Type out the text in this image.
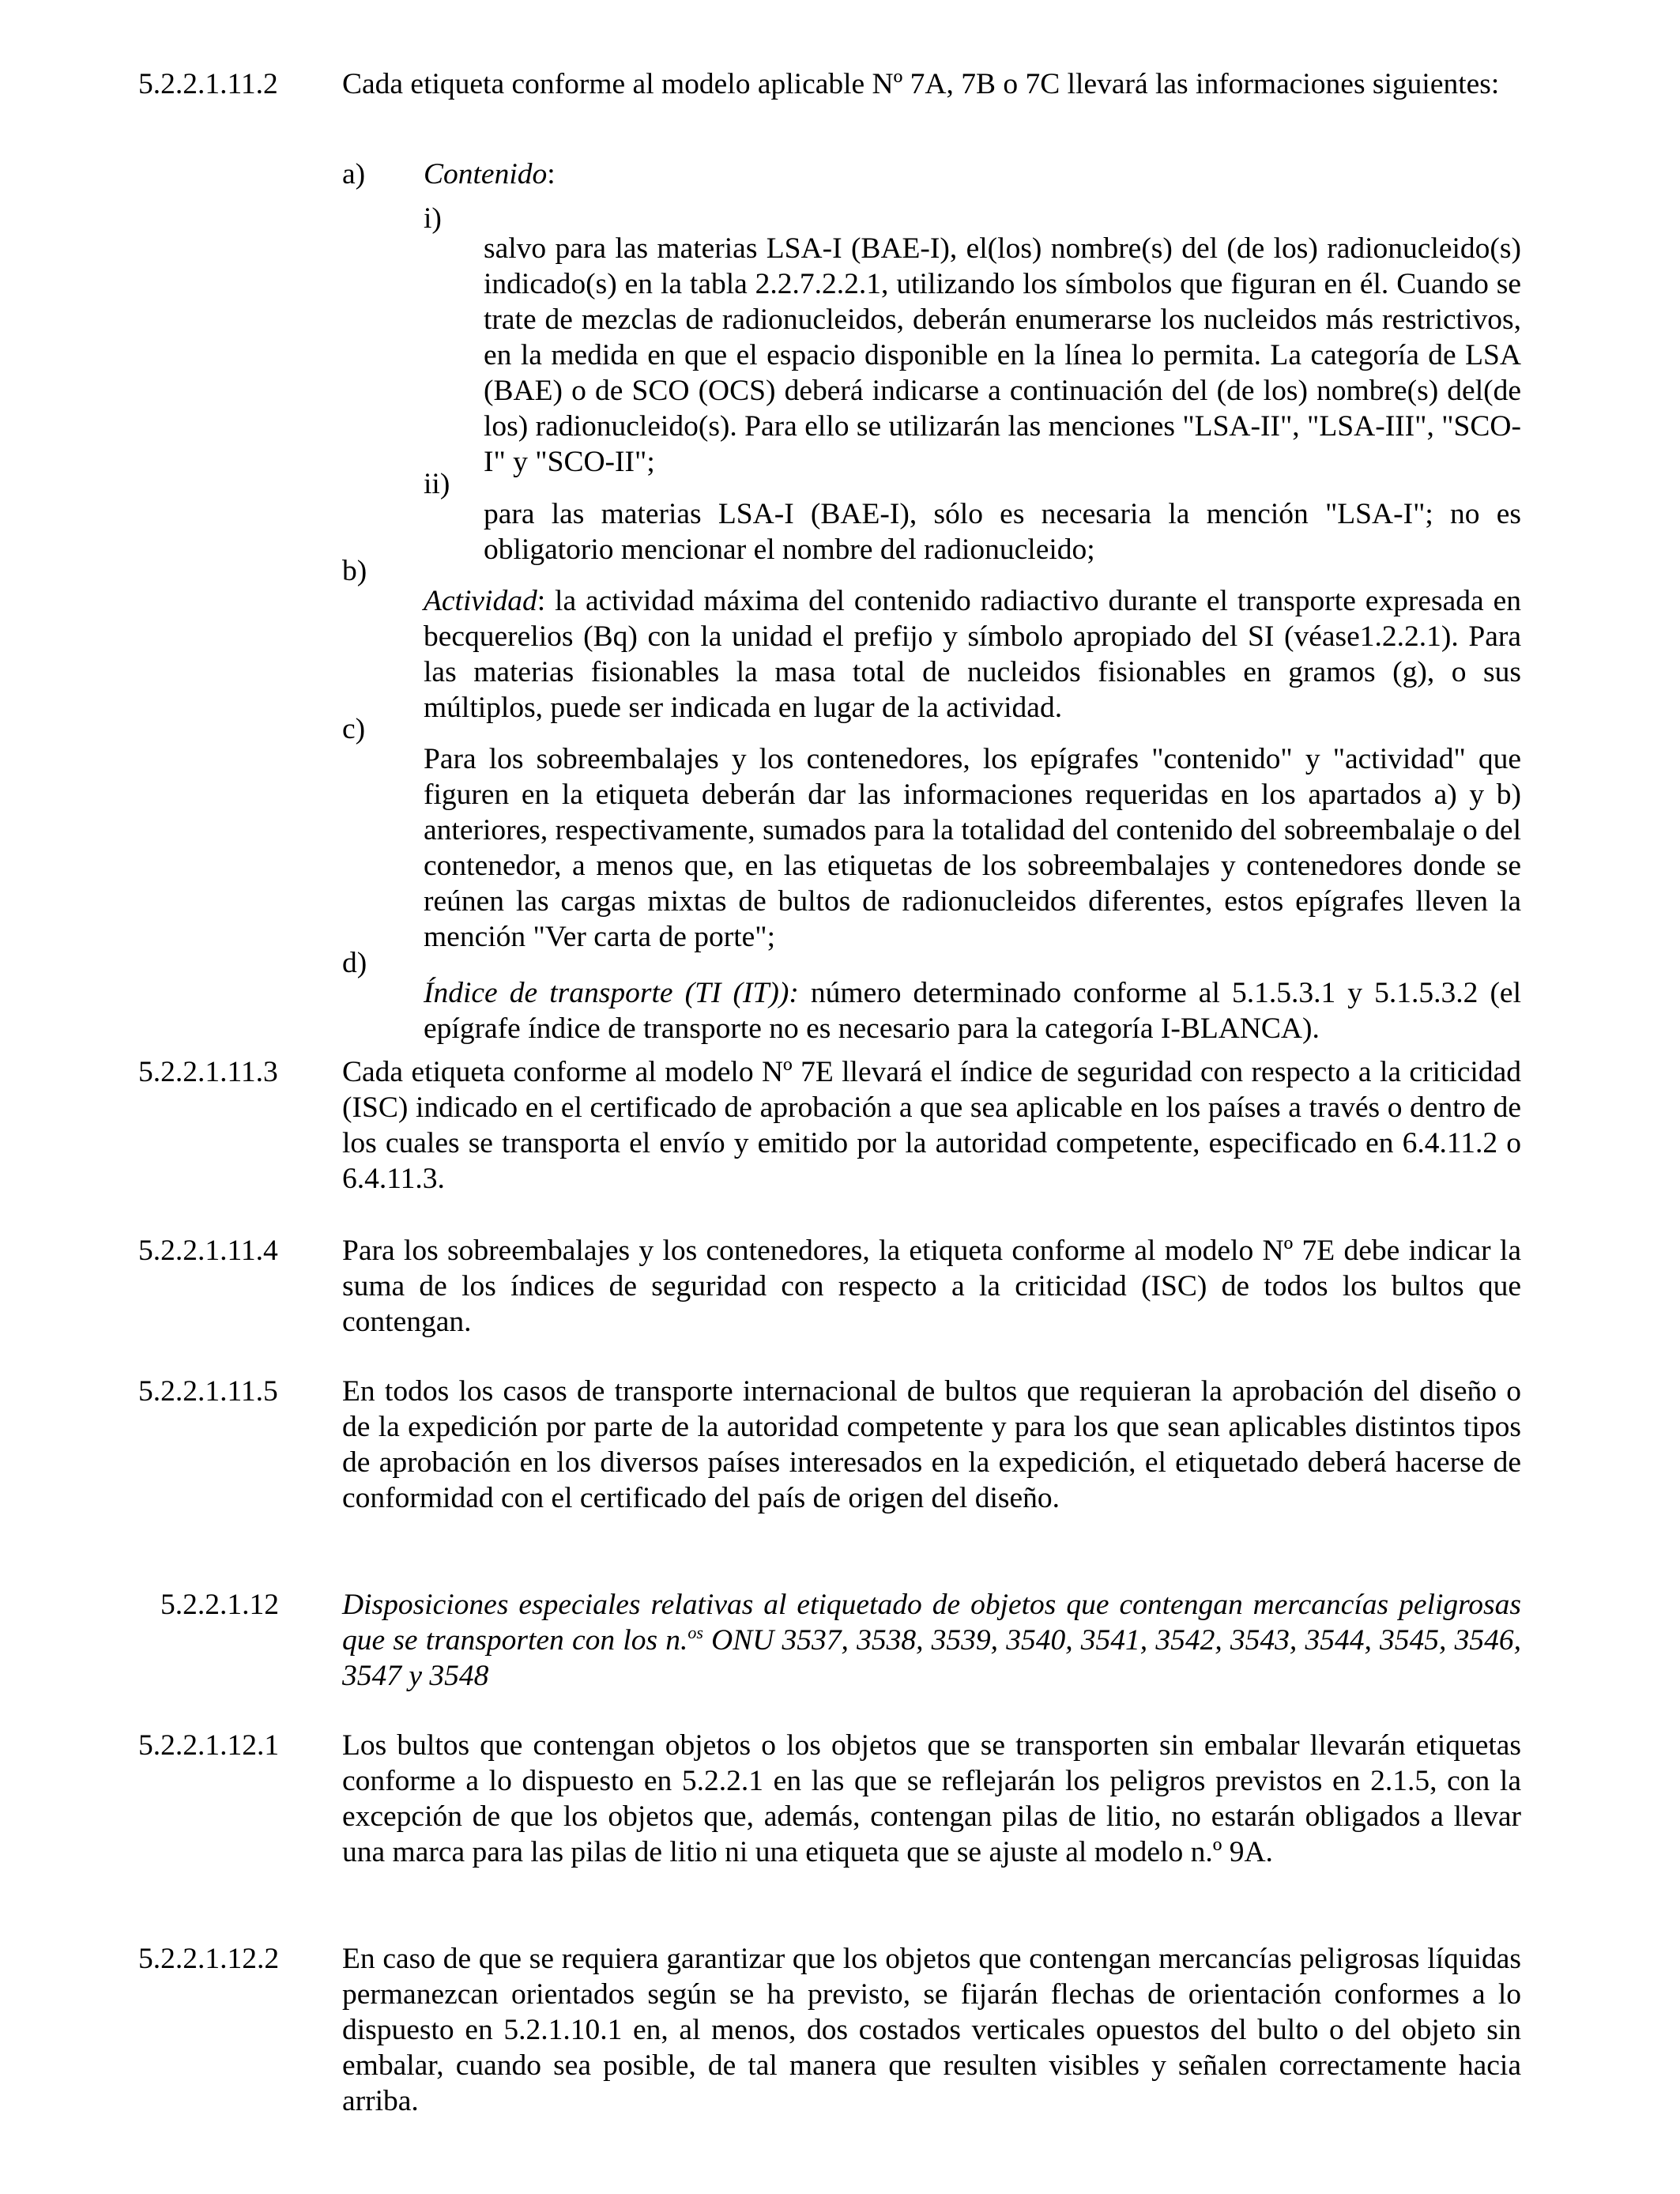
5.2.2.1.11.2 Cada etiqueta conforme al modelo aplicable Nº 7A, 7B o 7C llevará las informaciones siguientes:

a) Contenido:
i)

salvo para las materias LSA-I (BAE-I), el(los) nombre(s) del (de los) radionucleido(s) indicado(s) en la tabla 2.2.7.2.2.1, utilizando los símbolos que figuran en él. Cuando se trate de mezclas de radionucleidos, deberán enumerarse los nucleidos más restrictivos, en la medida en que el espacio disponible en la línea lo permita. La categoría de LSA (BAE) o de SCO (OCS) deberá indicarse a continuación del (de los) nombre(s) del(de los) radionucleido(s). Para ello se utilizarán las menciones "LSA-II", "LSA-III", "SCO-I" y "SCO-II";

ii)

para las materias LSA-I (BAE-I), sólo es necesaria la mención "LSA-I"; no es obligatorio mencionar el nombre del radionucleido;

b)

Actividad: la actividad máxima del contenido radiactivo durante el transporte expresada en becquerelios (Bq) con la unidad el prefijo y símbolo apropiado del SI (véase1.2.2.1). Para las materias fisionables la masa total de nucleidos fisionables en gramos (g), o sus múltiplos, puede ser indicada en lugar de la actividad.

c)

Para los sobreembalajes y los contenedores, los epígrafes "contenido" y "actividad" que figuren en la etiqueta deberán dar las informaciones requeridas en los apartados a) y b) anteriores, respectivamente, sumados para la totalidad del contenido del sobreembalaje o del contenedor, a menos que, en las etiquetas de los sobreembalajes y contenedores donde se reúnen las cargas mixtas de bultos de radionucleidos diferentes, estos epígrafes lleven la mención "Ver carta de porte";

d)

Índice de transporte (TI (IT)): número determinado conforme al 5.1.5.3.1 y 5.1.5.3.2 (el epígrafe índice de transporte no es necesario para la categoría I-BLANCA).

5.2.2.1.11.3 Cada etiqueta conforme al modelo Nº 7E llevará el índice de seguridad con respecto a la criticidad (ISC) indicado en el certificado de aprobación a que sea aplicable en los países a través o dentro de los cuales se transporta el envío y emitido por la autoridad competente, especificado en 6.4.11.2 o 6.4.11.3.

5.2.2.1.11.4 Para los sobreembalajes y los contenedores, la etiqueta conforme al modelo Nº 7E debe indicar la suma de los índices de seguridad con respecto a la criticidad (ISC) de todos los bultos que contengan.

5.2.2.1.11.5 En todos los casos de transporte internacional de bultos que requieran la aprobación del diseño o de la expedición por parte de la autoridad competente y para los que sean aplicables distintos tipos de aprobación en los diversos países interesados en la expedición, el etiquetado deberá hacerse de conformidad con el certificado del país de origen del diseño.

5.2.2.1.12 Disposiciones especiales relativas al etiquetado de objetos que contengan mercancías peligrosas que se transporten con los n.$^{os}$ ONU 3537, 3538, 3539, 3540, 3541, 3542, 3543, 3544, 3545, 3546, 3547 y 3548

5.2.2.1.12.1 Los bultos que contengan objetos o los objetos que se transporten sin embalar llevarán etiquetas conforme a lo dispuesto en 5.2.2.1 en las que se reflejarán los peligros previstos en 2.1.5, con la excepción de que los objetos que, además, contengan pilas de litio, no estarán obligados a llevar una marca para las pilas de litio ni una etiqueta que se ajuste al modelo n.º 9A.

5.2.2.1.12.2 En caso de que se requiera garantizar que los objetos que contengan mercancías peligrosas líquidas permanezcan orientados según se ha previsto, se fijarán flechas de orientación conformes a lo dispuesto en 5.2.1.10.1 en, al menos, dos costados verticales opuestos del bulto o del objeto sin embalar, cuando sea posible, de tal manera que resulten visibles y señalen correctamente hacia arriba.
